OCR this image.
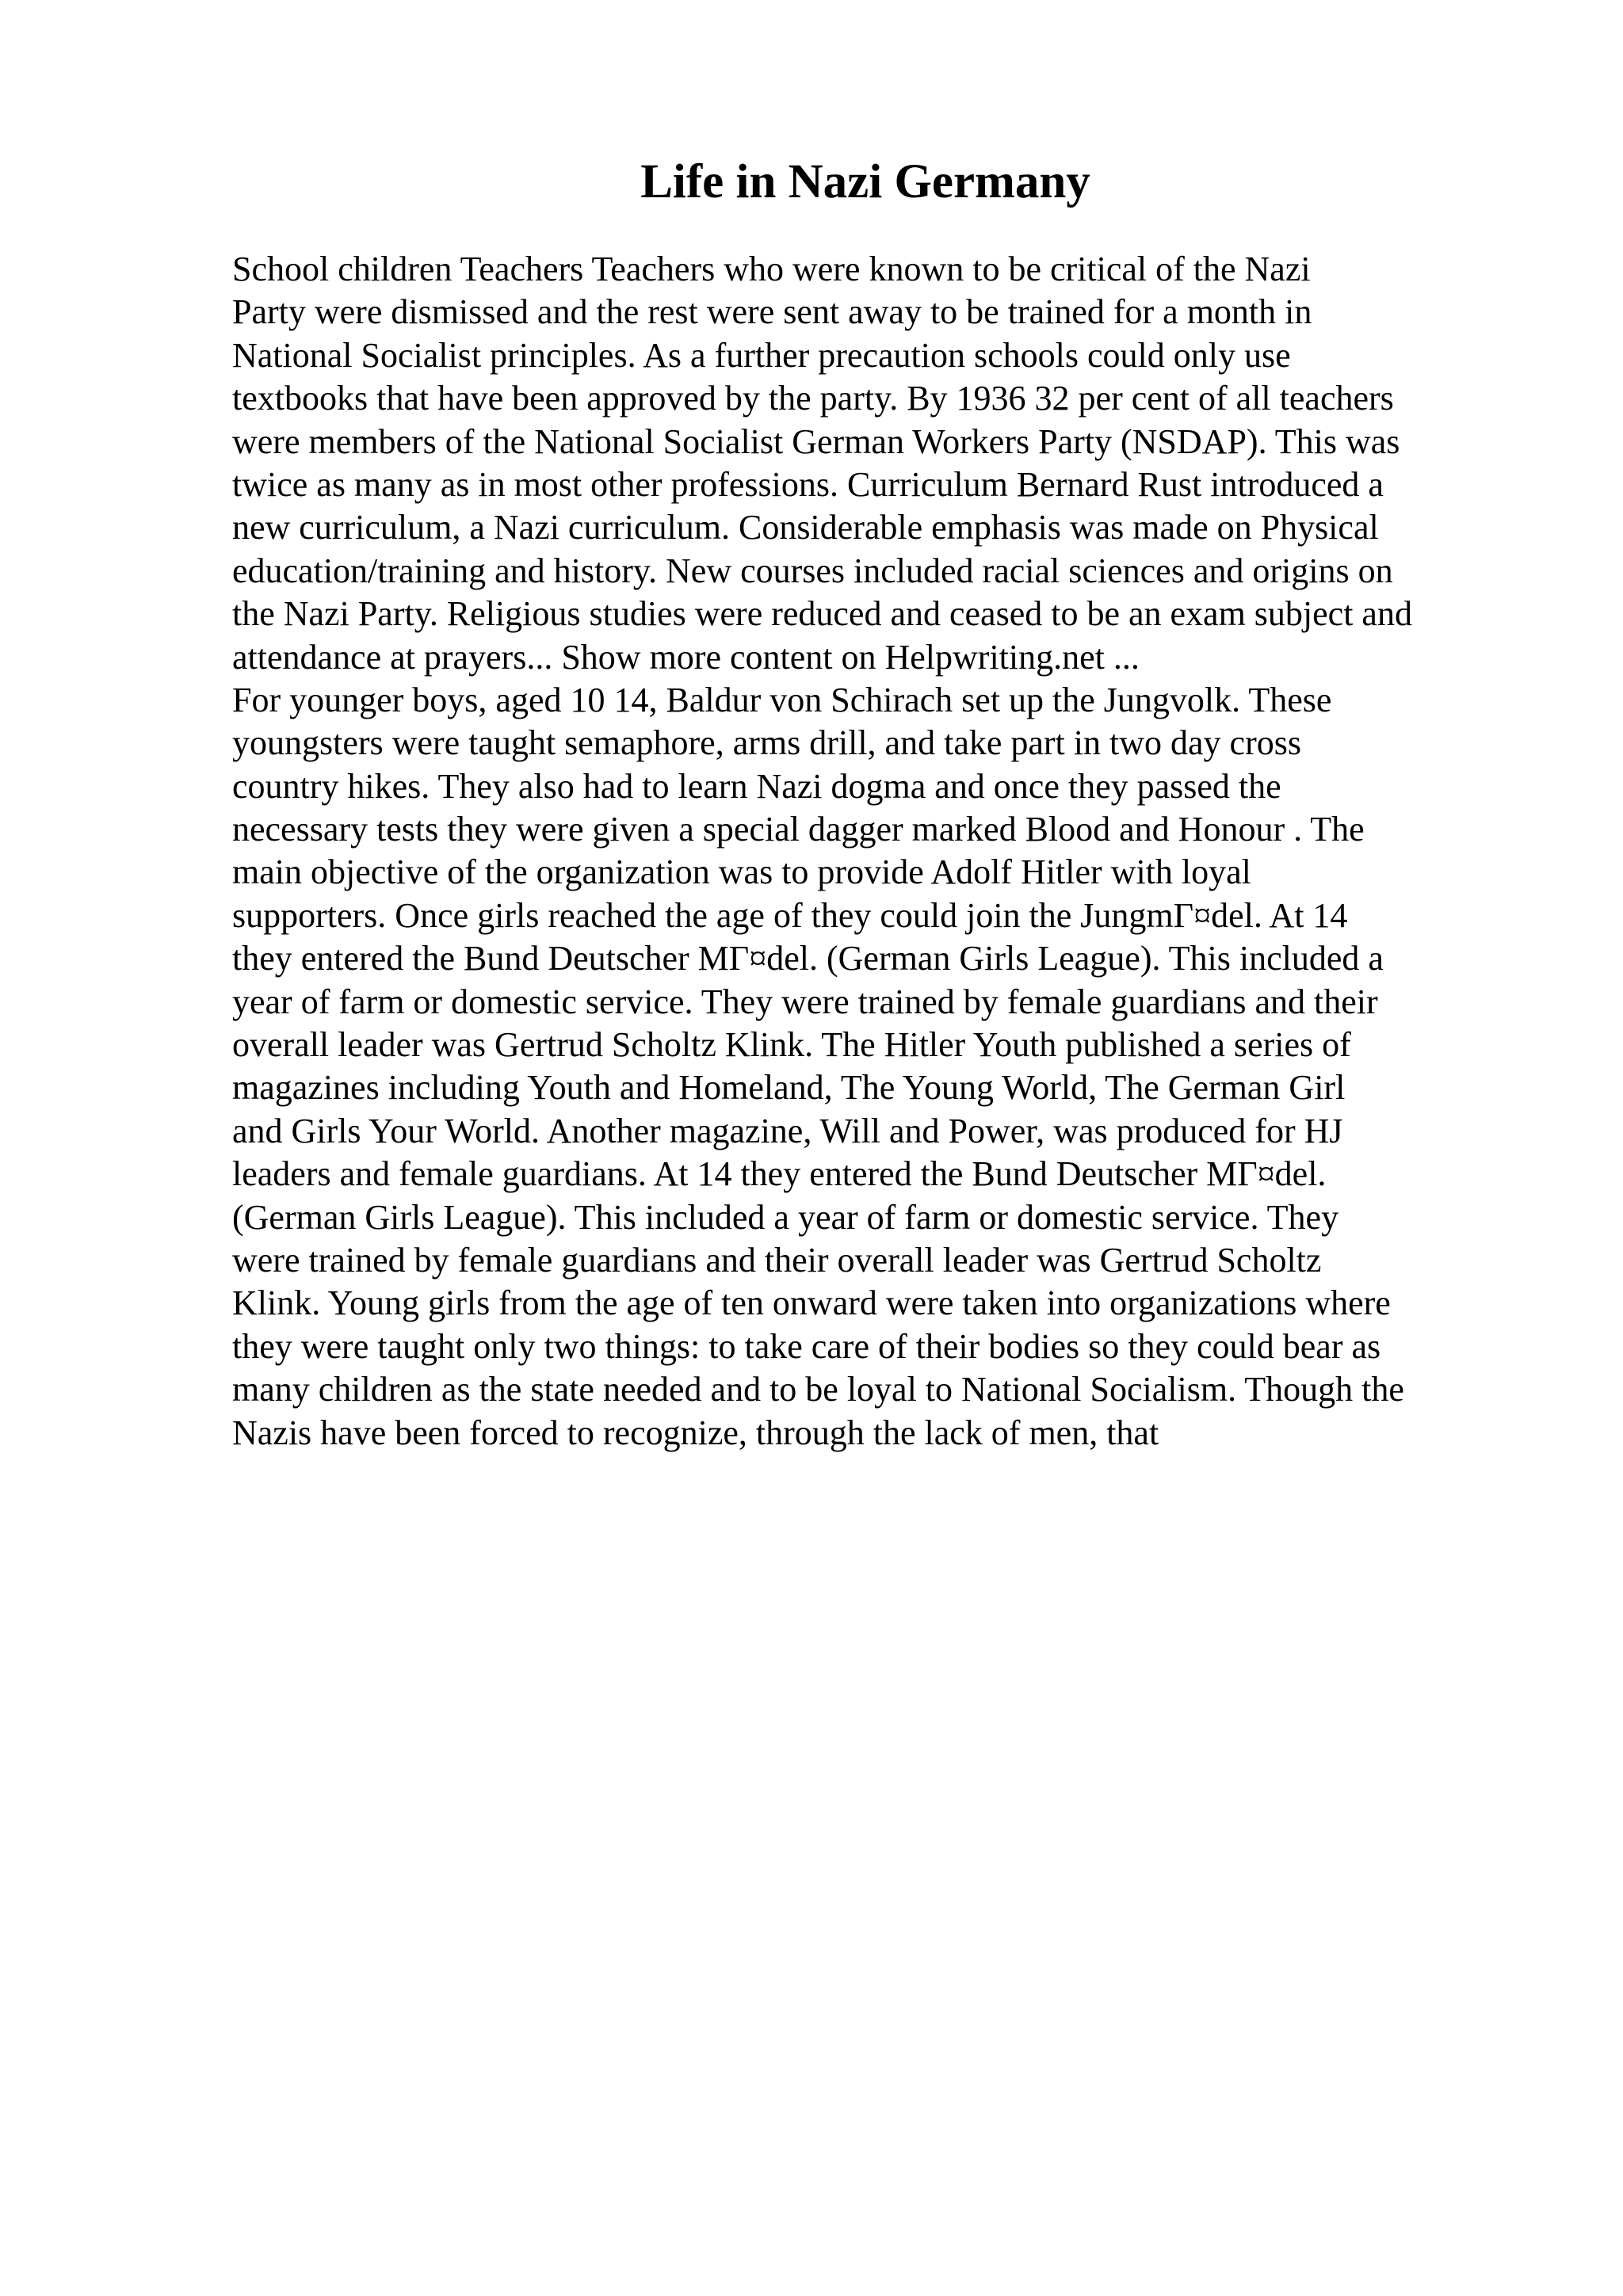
Life in Nazi Germany
School children Teachers Teachers who were known to be critical of the Nazi
Party were dismissed and the rest were sent away to be trained for a month in
National Socialist principles. As a further precaution schools could only use
textbooks that have been approved by the party. By 1936 32 per cent of all teachers
were members of the National Socialist German Workers Party (NSDAP). This was
twice as many as in most other professions. Curriculum Bernard Rust introduced a
new curriculum, a Nazi curriculum. Considerable emphasis was made on Physical
education/training and history. New courses included racial sciences and origins on
the Nazi Party. Religious studies were reduced and ceased to be an exam subject and
attendance at prayers... Show more content on Helpwriting.net ...
For younger boys, aged 10 14, Baldur von Schirach set up the Jungvolk. These
youngsters were taught semaphore, arms drill, and take part in two day cross
country hikes. They also had to learn Nazi dogma and once they passed the
necessary tests they were given a special dagger marked Blood and Honour . The
main objective of the organization was to provide Adolf Hitler with loyal
supporters. Once girls reached the age of they could join the JungmΓ¤del. At 14
they entered the Bund Deutscher MΓ¤del. (German Girls League). This included a
year of farm or domestic service. They were trained by female guardians and their
overall leader was Gertrud Scholtz Klink. The Hitler Youth published a series of
magazines including Youth and Homeland, The Young World, The German Girl
and Girls Your World. Another magazine, Will and Power, was produced for HJ
leaders and female guardians. At 14 they entered the Bund Deutscher MΓ¤del.
(German Girls League). This included a year of farm or domestic service. They
were trained by female guardians and their overall leader was Gertrud Scholtz
Klink. Young girls from the age of ten onward were taken into organizations where
they were taught only two things: to take care of their bodies so they could bear as
many children as the state needed and to be loyal to National Socialism. Though the
Nazis have been forced to recognize, through the lack of men, that
